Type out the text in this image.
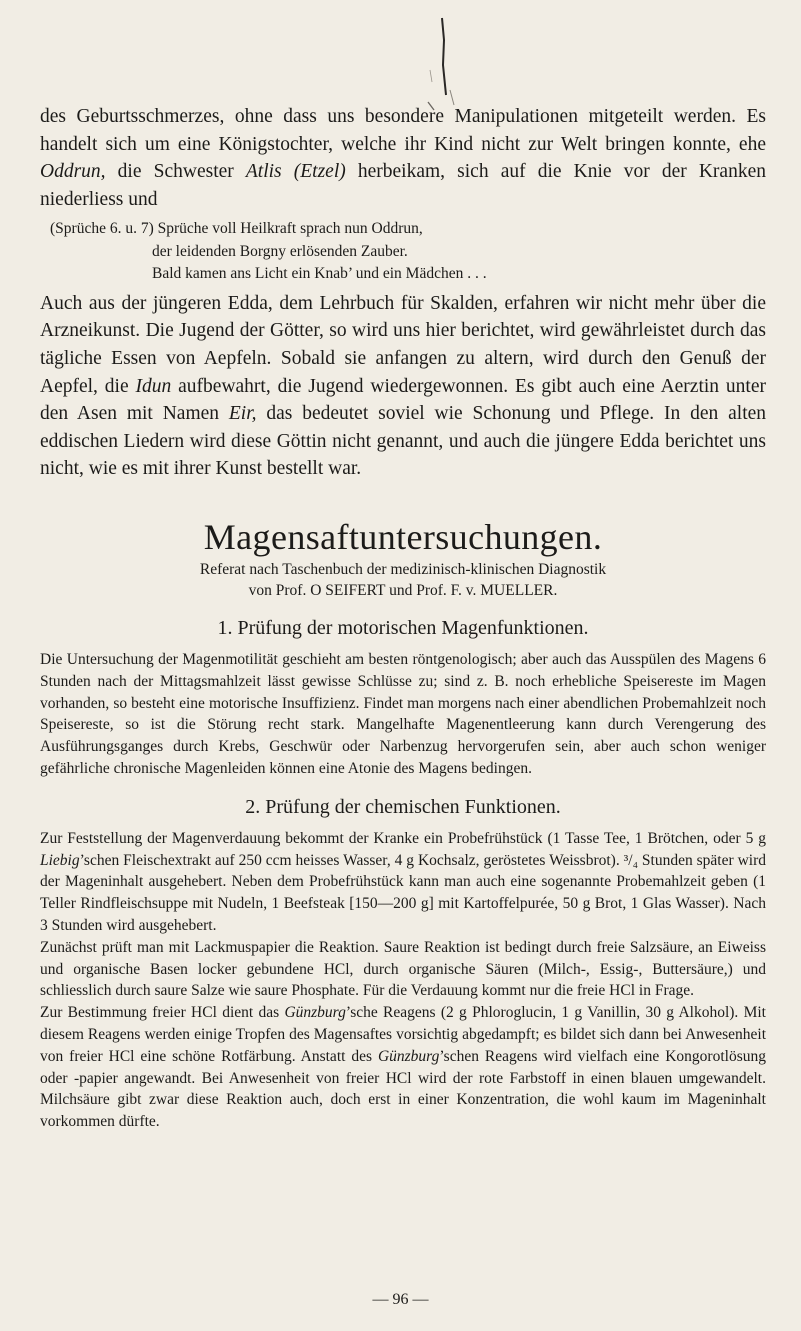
des Geburtsschmerzes, ohne dass uns besondere Manipulationen mitgeteilt werden. Es handelt sich um eine Königstochter, welche ihr Kind nicht zur Welt bringen konnte, ehe Oddrun, die Schwester Atlis (Etzel) herbeikam, sich auf die Knie vor der Kranken niederliess und

(Sprüche 6. u. 7) Sprüche voll Heilkraft sprach nun Oddrun,
der leidenden Borgny erlösenden Zauber.
Bald kamen ans Licht ein Knab’ und ein Mädchen . . .

Auch aus der jüngeren Edda, dem Lehrbuch für Skalden, erfahren wir nicht mehr über die Arzneikunst. Die Jugend der Götter, so wird uns hier berichtet, wird gewährleistet durch das tägliche Essen von Aepfeln. Sobald sie anfangen zu altern, wird durch den Genuß der Aepfel, die Idun aufbewahrt, die Jugend wiedergewonnen. Es gibt auch eine Aerztin unter den Asen mit Namen Eir, das bedeutet soviel wie Schonung und Pflege. In den alten eddischen Liedern wird diese Göttin nicht genannt, und auch die jüngere Edda berichtet uns nicht, wie es mit ihrer Kunst bestellt war.

Magensaftuntersuchungen.
Referat nach Taschenbuch der medizinisch-klinischen Diagnostik
von Prof. O SEIFERT und Prof. F. v. MUELLER.
1. Prüfung der motorischen Magenfunktionen.

Die Untersuchung der Magenmotilität geschieht am besten röntgenologisch; aber auch das Ausspülen des Magens 6 Stunden nach der Mittagsmahlzeit lässt gewisse Schlüsse zu; sind z. B. noch erhebliche Speisereste im Magen vorhanden, so besteht eine motorische Insuffizienz. Findet man morgens nach einer abendlichen Probemahlzeit noch Speisereste, so ist die Störung recht stark. Mangelhafte Magenentleerung kann durch Verengerung des Ausführungsganges durch Krebs, Geschwür oder Narbenzug hervorgerufen sein, aber auch schon weniger gefährliche chronische Magenleiden können eine Atonie des Magens bedingen.

2. Prüfung der chemischen Funktionen.

Zur Feststellung der Magenverdauung bekommt der Kranke ein Probefrühstück (1 Tasse Tee, 1 Brötchen, oder 5 g Liebig’schen Fleischextrakt auf 250 ccm heisses Wasser, 4 g Kochsalz, geröstetes Weissbrot). ³/₄ Stunden später wird der Mageninhalt ausgehebert. Neben dem Probefrühstück kann man auch eine sogenannte Probemahlzeit geben (1 Teller Rindfleischsuppe mit Nudeln, 1 Beefsteak [150—200 g] mit Kartoffelpurée, 50 g Brot, 1 Glas Wasser). Nach 3 Stunden wird ausgehebert.

Zunächst prüft man mit Lackmuspapier die Reaktion. Saure Reaktion ist bedingt durch freie Salzsäure, an Eiweiss und organische Basen locker gebundene HCl, durch organische Säuren (Milch-, Essig-, Buttersäure,) und schliesslich durch saure Salze wie saure Phosphate. Für die Verdauung kommt nur die freie HCl in Frage.

Zur Bestimmung freier HCl dient das Günzburg’sche Reagens (2 g Phloroglucin, 1 g Vanillin, 30 g Alkohol). Mit diesem Reagens werden einige Tropfen des Magensaftes vorsichtig abgedampft; es bildet sich dann bei Anwesenheit von freier HCl eine schöne Rotfärbung. Anstatt des Günzburg’schen Reagens wird vielfach eine Kongorotlösung oder -papier angewandt. Bei Anwesenheit von freier HCl wird der rote Farbstoff in einen blauen umgewandelt. Milchsäure gibt zwar diese Reaktion auch, doch erst in einer Konzentration, die wohl kaum im Mageninhalt vorkommen dürfte.

— 96 —
